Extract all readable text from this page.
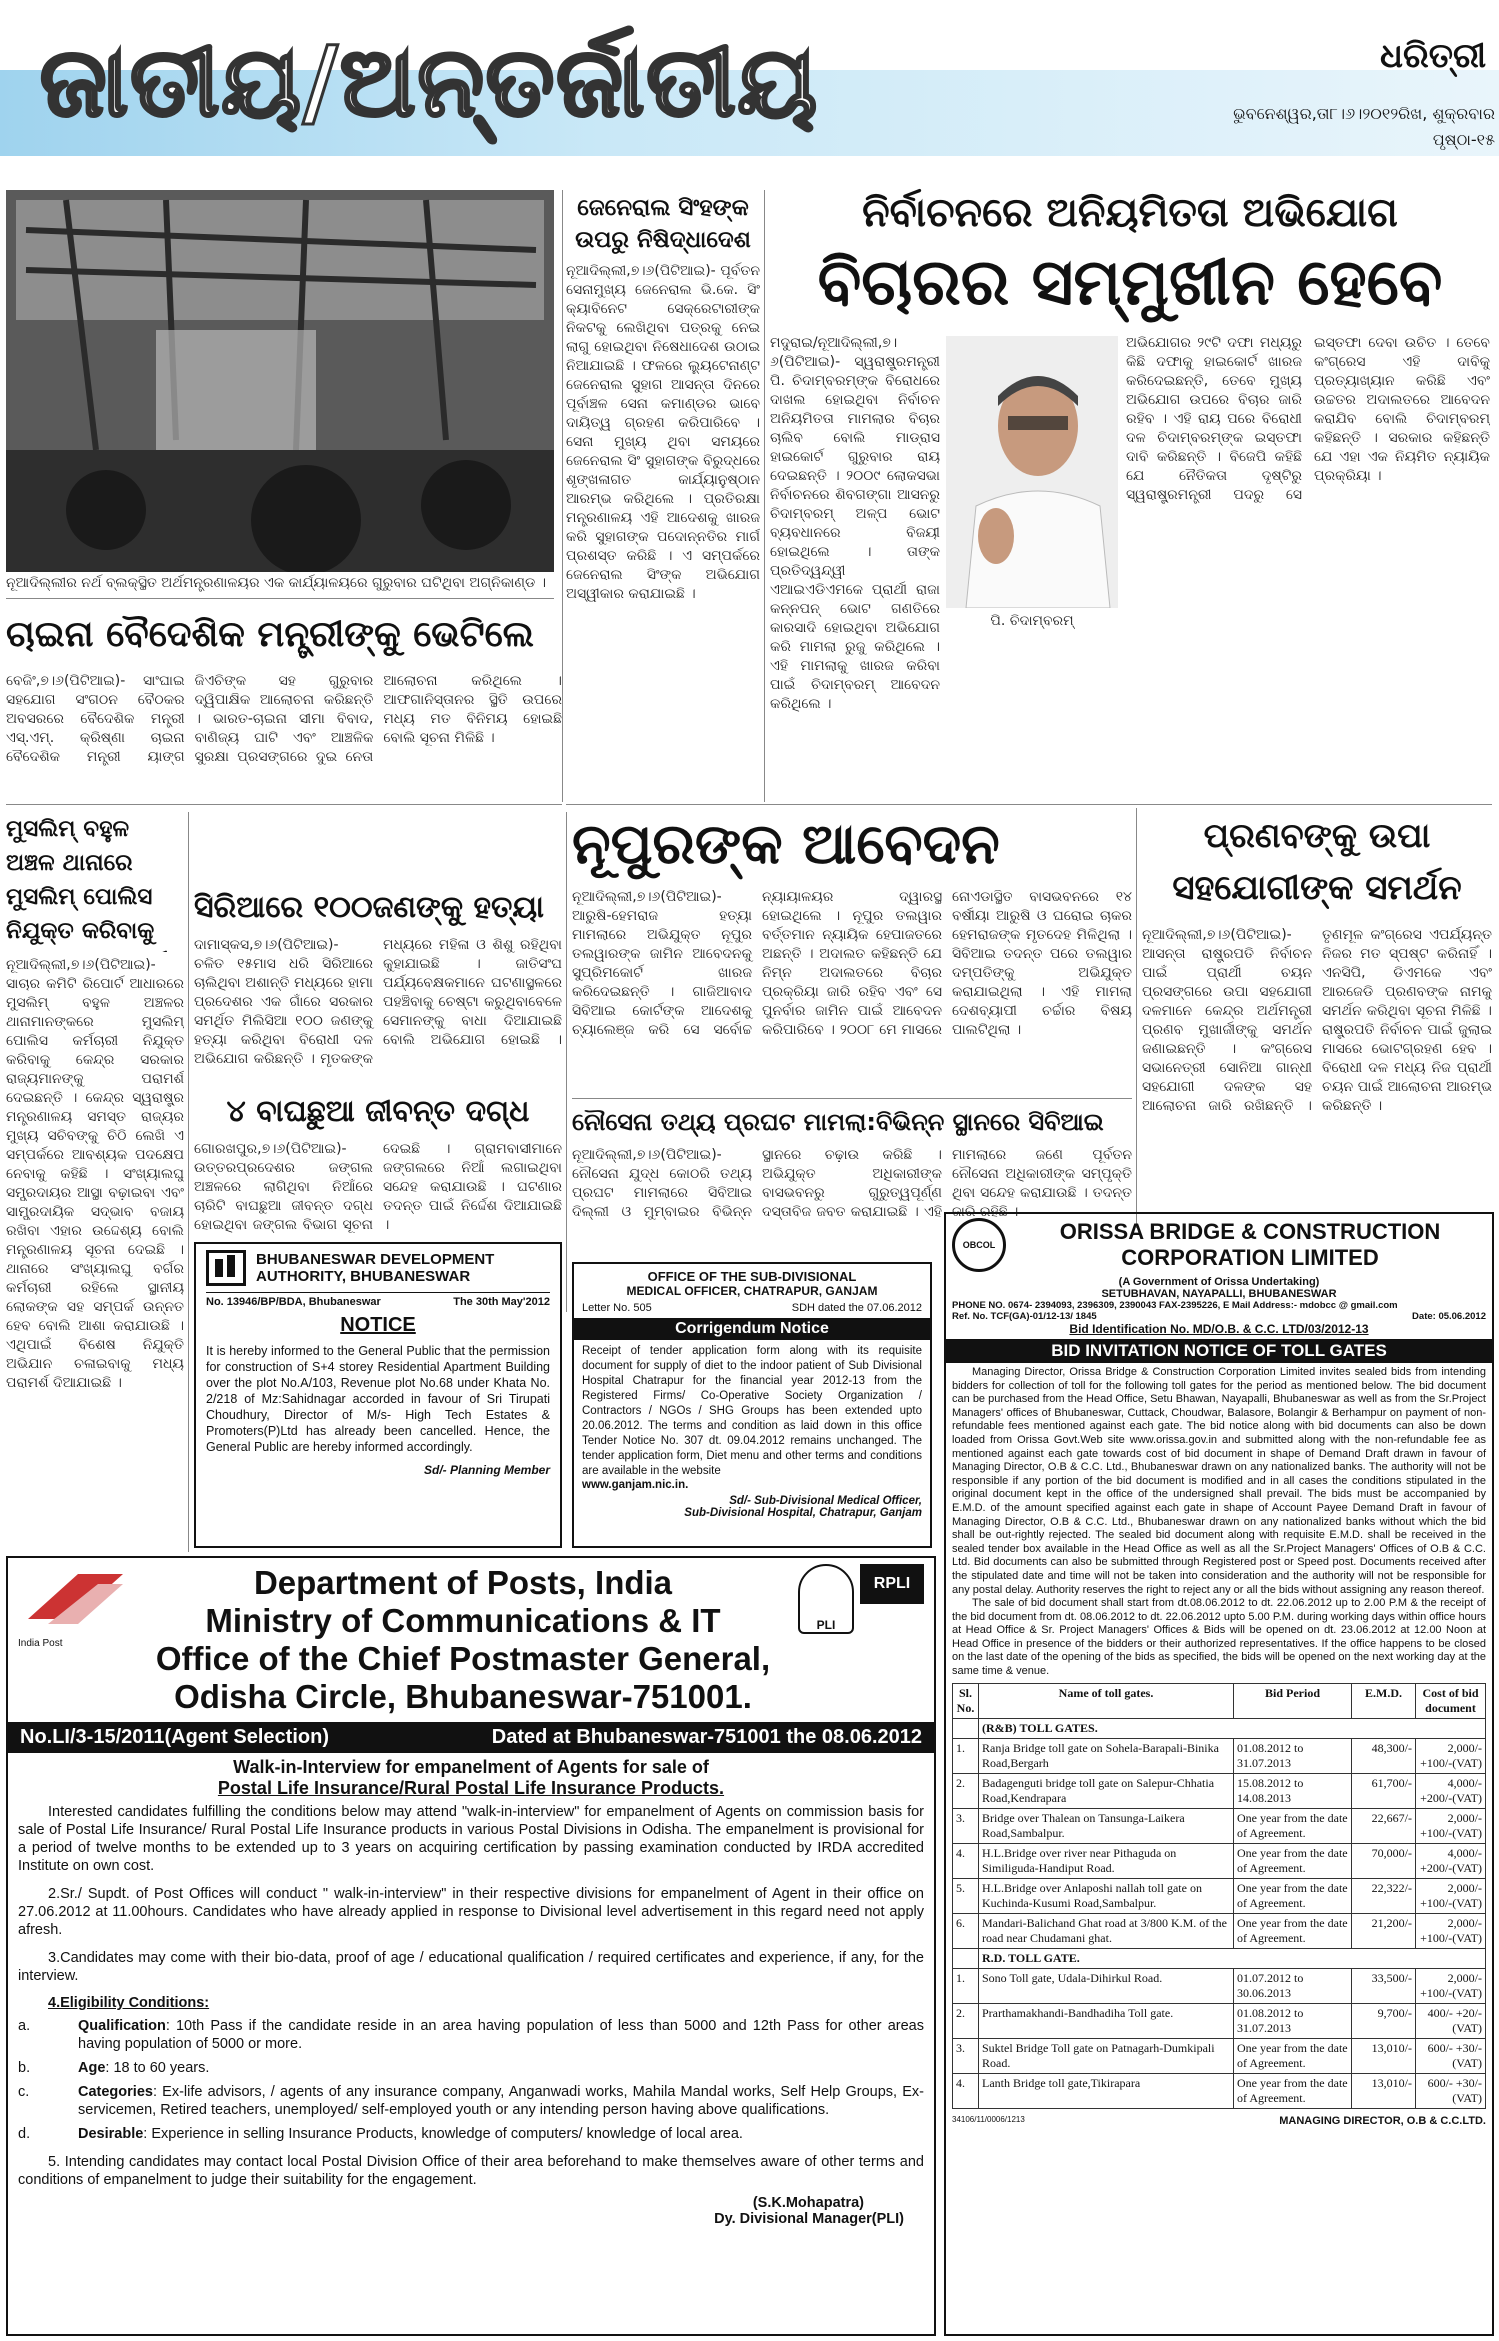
ଜାତୀୟ/ଅନ୍ତର୍ଜାତୀୟ	ଧରିତ୍ରୀ
ଭୁବନେଶ୍ୱର,ତା୮।୬।୨୦୧୨ରିଖ, ଶୁକ୍ରବାର
ପୃଷ୍ଠା-୧୫
ନୂଆଦିଲ୍ଲୀର ନର୍ଥ ବ୍ଲକ୍‌ସ୍ଥିତ ଅର୍ଥମନ୍ତ୍ରଣାଳୟର ଏକ କାର୍ଯ୍ୟାଳୟରେ ଗୁରୁବାର ଘଟିଥିବା ଅଗ୍ନିକାଣ୍ଡ ।
ଜେନେରାଲ ସିଂହଙ୍କ ଉପରୁ ନିଷିଦ୍ଧାଦେଶ
ନୂଆଦିଲ୍ଲୀ,୭।୬(ପିଟିଆଇ)- ପୂର୍ବତନ ସେନାମୁଖ୍ୟ ଜେନେରାଲ ଭି.କେ. ସିଂ କ୍ୟାବିନେଟ ସେକ୍ରେଟାରୀଙ୍କ ନିକଟକୁ ଲେଖିଥିବା ପତ୍ରକୁ ନେଇ ଲାଗୁ ହୋଇଥିବା ନିଷେଧାଦେଶ ଉଠାଇ ନିଆଯାଇଛି । ଫଳରେ ଲ୍ୟୁଟେନାଣ୍ଟ ଜେନେରାଲ ସୁହାଗ ଆସନ୍ତା ଦିନରେ ପୂର୍ବାଞ୍ଚଳ ସେନା କମାଣ୍ଡର ଭାବେ ଦାୟିତ୍ୱ ଗ୍ରହଣ କରିପାରିବେ । ସେନା ମୁଖ୍ୟ ଥିବା ସମୟରେ ଜେନେରାଲ ସିଂ ସୁହାଗଙ୍କ ବିରୁଦ୍ଧରେ ଶୃଙ୍ଖଳାଗତ କାର୍ଯ୍ୟାନୁଷ୍ଠାନ ଆରମ୍ଭ କରିଥିଲେ । ପ୍ରତିରକ୍ଷା ମନ୍ତ୍ରଣାଳୟ ଏହି ଆଦେଶକୁ ଖାରଜ କରି ସୁହାଗଙ୍କ ପଦୋନ୍ନତିର ମାର୍ଗ ପ୍ରଶସ୍ତ କରିଛି । ଏ ସମ୍ପର୍କରେ ଜେନେରାଲ ସିଂଙ୍କ ଅଭିଯୋଗ ଅସ୍ୱୀକାର କରାଯାଇଛି ।
ନିର୍ବାଚନରେ ଅନିୟମିତତା ଅଭିଯୋଗ
ବିଚାରର ସମ୍ମୁଖୀନ ହେବେ
ମଦୁରାଇ/ନୂଆଦିଲ୍ଲୀ,୭।୬(ପିଟିଆଇ)- ସ୍ୱରାଷ୍ଟ୍ରମନ୍ତ୍ରୀ ପି. ଚିଦାମ୍ବରମ୍‌ଙ୍କ ବିରୋଧରେ ଦାଖଲ ହୋଇଥିବା ନିର୍ବାଚନ ଅନିୟମିତତା ମାମଲାର ବିଚାର ଚାଲିବ ବୋଲି ମାଡ୍ରାସ ହାଇକୋର୍ଟ ଗୁରୁବାର ରାୟ ଦେଇଛନ୍ତି । ୨୦୦୯ ଲୋକସଭା ନିର୍ବାଚନରେ ଶିବଗଙ୍ଗା ଆସନରୁ ଚିଦାମ୍ବରମ୍ ଅଳ୍ପ ଭୋଟ ବ୍ୟବଧାନରେ ବିଜୟୀ ହୋଇଥିଲେ । ତାଙ୍କ ପ୍ରତିଦ୍ୱନ୍ଦ୍ୱୀ ଏଆଇଏଡିଏମକେ ପ୍ରାର୍ଥୀ ରାଜା କନ୍ନପନ୍ ଭୋଟ ଗଣତିରେ କାରସାଦି ହୋଇଥିବା ଅଭିଯୋଗ କରି ମାମଲା ରୁଜୁ କରିଥିଲେ । ଏହି ମାମଲାକୁ ଖାରଜ କରିବା ପାଇଁ ଚିଦାମ୍ବରମ୍ ଆବେଦନ କରିଥିଲେ ।
ପି. ଚିଦାମ୍ବରମ୍
ଅଭିଯୋଗର ୨୯ଟି ଦଫା ମଧ୍ୟରୁ କିଛି ଦଫାକୁ ହାଇକୋର୍ଟ ଖାରଜ କରିଦେଇଛନ୍ତି, ତେବେ ମୁଖ୍ୟ ଅଭିଯୋଗ ଉପରେ ବିଚାର ଜାରି ରହିବ । ଏହି ରାୟ ପରେ ବିରୋଧୀ ଦଳ ଚିଦାମ୍ବରମ୍‌ଙ୍କ ଇସ୍ତଫା ଦାବି କରିଛନ୍ତି । ବିଜେପି କହିଛି ଯେ ନୈତିକତା ଦୃଷ୍ଟିରୁ ସ୍ୱରାଷ୍ଟ୍ରମନ୍ତ୍ରୀ ପଦରୁ ସେ ଇସ୍ତଫା ଦେବା ଉଚିତ । ତେବେ କଂଗ୍ରେସ ଏହି ଦାବିକୁ ପ୍ରତ୍ୟାଖ୍ୟାନ କରିଛି ଏବଂ ଉଚ୍ଚତର ଅଦାଲତରେ ଆବେଦନ କରାଯିବ ବୋଲି ଚିଦାମ୍ବରମ୍ କହିଛନ୍ତି । ସରକାର କହିଛନ୍ତି ଯେ ଏହା ଏକ ନିୟମିତ ନ୍ୟାୟିକ ପ୍ରକ୍ରିୟା ।
ଚାଇନା ବୈଦେଶିକ ମନ୍ତ୍ରୀଙ୍କୁ ଭେଟିଲେ
ବେଜିଂ,୭।୬(ପିଟିଆଇ)- ସାଂଘାଇ ସହଯୋଗ ସଂଗଠନ ବୈଠକର ଅବସରରେ ବୈଦେଶିକ ମନ୍ତ୍ରୀ ଏସ୍.ଏମ୍. କ୍ରିଷ୍ଣା ଚାଇନା ବୈଦେଶିକ ମନ୍ତ୍ରୀ ୟାଙ୍ଗ ଜିଏଚିଙ୍କ ସହ ଗୁରୁବାର ଦ୍ୱିପାକ୍ଷିକ ଆଲୋଚନା କରିଛନ୍ତି । ଭାରତ-ଚାଇନା ସୀମା ବିବାଦ, ବାଣିଜ୍ୟ ଘାଟି ଏବଂ ଆଞ୍ଚଳିକ ସୁରକ୍ଷା ପ୍ରସଙ୍ଗରେ ଦୁଇ ନେତା ଆଲୋଚନା କରିଥିଲେ । ଆଫଗାନିସ୍ତାନର ସ୍ଥିତି ଉପରେ ମଧ୍ୟ ମତ ବିନିମୟ ହୋଇଛି ବୋଲି ସୂଚନା ମିଳିଛି ।
ମୁସଲିମ୍ ବହୁଳ ଅଞ୍ଚଳ ଥାନାରେ ମୁସଲିମ୍ ପୋଲିସ ନିଯୁକ୍ତ କରିବାକୁ
ନୂଆଦିଲ୍ଲୀ,୭।୬(ପିଟିଆଇ)- ସାଚାର କମିଟି ରିପୋର୍ଟ ଆଧାରରେ ମୁସଲିମ୍ ବହୁଳ ଅଞ୍ଚଳର ଥାନାମାନଙ୍କରେ ମୁସଲିମ୍ ପୋଲିସ କର୍ମଚାରୀ ନିଯୁକ୍ତ କରିବାକୁ କେନ୍ଦ୍ର ସରକାର ରାଜ୍ୟମାନଙ୍କୁ ପରାମର୍ଶ ଦେଇଛନ୍ତି । କେନ୍ଦ୍ର ସ୍ୱରାଷ୍ଟ୍ର ମନ୍ତ୍ରଣାଳୟ ସମସ୍ତ ରାଜ୍ୟର ମୁଖ୍ୟ ସଚିବଙ୍କୁ ଚିଠି ଲେଖି ଏ ସମ୍ପର୍କରେ ଆବଶ୍ୟକ ପଦକ୍ଷେପ ନେବାକୁ କହିଛି । ସଂଖ୍ୟାଲଘୁ ସମ୍ପ୍ରଦାୟର ଆସ୍ଥା ବଢ଼ାଇବା ଏବଂ ସାମ୍ପ୍ରଦାୟିକ ସଦ୍‌ଭାବ ବଜାୟ ରଖିବା ଏହାର ଉଦ୍ଦେଶ୍ୟ ବୋଲି ମନ୍ତ୍ରଣାଳୟ ସୂଚନା ଦେଇଛି । ଥାନାରେ ସଂଖ୍ୟାଲଘୁ ବର୍ଗର କର୍ମଚାରୀ ରହିଲେ ସ୍ଥାନୀୟ ଲୋକଙ୍କ ସହ ସମ୍ପର୍କ ଉନ୍ନତ ହେବ ବୋଲି ଆଶା କରାଯାଉଛି । ଏଥିପାଇଁ ବିଶେଷ ନିଯୁକ୍ତି ଅଭିଯାନ ଚଳାଇବାକୁ ମଧ୍ୟ ପରାମର୍ଶ ଦିଆଯାଇଛି ।
ସିରିଆରେ ୧୦୦ଜଣଙ୍କୁ ହତ୍ୟା
ଦାମାସ୍କସ,୭।୬(ପିଟିଆଇ)- ଚଳିତ ୧୫ମାସ ଧରି ସିରିଆରେ ଚାଲିଥିବା ଅଶାନ୍ତି ମଧ୍ୟରେ ହାମା ପ୍ରଦେଶର ଏକ ଗାଁରେ ସରକାର ସମର୍ଥିତ ମିଲିସିଆ ୧୦୦ ଜଣଙ୍କୁ ହତ୍ୟା କରିଥିବା ବିରୋଧୀ ଦଳ ଅଭିଯୋଗ କରିଛନ୍ତି । ମୃତକଙ୍କ ମଧ୍ୟରେ ମହିଳା ଓ ଶିଶୁ ରହିଥିବା କୁହାଯାଇଛି । ଜାତିସଂଘ ପର୍ଯ୍ୟବେକ୍ଷକମାନେ ଘଟଣାସ୍ଥଳରେ ପହଞ୍ଚିବାକୁ ଚେଷ୍ଟା କରୁଥିବାବେଳେ ସେମାନଙ୍କୁ ବାଧା ଦିଆଯାଇଛି ବୋଲି ଅଭିଯୋଗ ହୋଇଛି ।
୪ ବାଘଛୁଆ ଜୀବନ୍ତ ଦଗ୍ଧ
ଗୋରଖପୁର,୭।୬(ପିଟିଆଇ)- ଉତ୍ତରପ୍ରଦେଶର ଜଙ୍ଗଲ ଅଞ୍ଚଳରେ ଲାଗିଥିବା ନିଆଁରେ ଚାରିଟି ବାଘଛୁଆ ଜୀବନ୍ତ ଦଗ୍ଧ ହୋଇଥିବା ଜଙ୍ଗଲ ବିଭାଗ ସୂଚନା ଦେଇଛି । ଗ୍ରାମବାସୀମାନେ ଜଙ୍ଗଲରେ ନିଆଁ ଲଗାଇଥିବା ସନ୍ଦେହ କରାଯାଉଛି । ଘଟଣାର ତଦନ୍ତ ପାଇଁ ନିର୍ଦ୍ଦେଶ ଦିଆଯାଇଛି ।
BHUBANESWAR DEVELOPMENT
AUTHORITY, BHUBANESWAR
No. 13946/BP/BDA, Bhubaneswar	The 30th May'2012
NOTICE
It is hereby informed to the General Public that the permission for construction of S+4 storey Residential Apartment Building over the plot No.A/103, Revenue plot No.68 under Khata No. 2/218 of Mz:Sahidnagar accorded in favour of Sri Tirupati Choudhury, Director of M/s- High Tech Estates & Promoters(P)Ltd has already been cancelled. Hence, the General Public are hereby informed accordingly.
Sd/- Planning Member
ନୂପୁରଙ୍କ ଆବେଦନ
ନୂଆଦିଲ୍ଲୀ,୭।୬(ପିଟିଆଇ)- ଆରୁଷି-ହେମରାଜ ହତ୍ୟା ମାମଲାରେ ଅଭିଯୁକ୍ତ ନୂପୁର ତଲୱାରଙ୍କ ଜାମିନ ଆବେଦନକୁ ସୁପ୍ରିମକୋର୍ଟ ଖାରଜ କରିଦେଇଛନ୍ତି । ଗାଜିଆବାଦ ସିବିଆଇ କୋର୍ଟଙ୍କ ଆଦେଶକୁ ଚ୍ୟାଲେଞ୍ଜ କରି ସେ ସର୍ବୋଚ୍ଚ ନ୍ୟାୟାଳୟର ଦ୍ୱାରସ୍ଥ ହୋଇଥିଲେ । ନୂପୁର ତଲୱାର ବର୍ତ୍ତମାନ ନ୍ୟାୟିକ ହେପାଜତରେ ଅଛନ୍ତି । ଅଦାଲତ କହିଛନ୍ତି ଯେ ନିମ୍ନ ଅଦାଲତରେ ବିଚାର ପ୍ରକ୍ରିୟା ଜାରି ରହିବ ଏବଂ ସେ ପୁନର୍ବାର ଜାମିନ ପାଇଁ ଆବେଦନ କରିପାରିବେ । ୨୦୦୮ ମେ ମାସରେ ନୋଏଡାସ୍ଥିତ ବାସଭବନରେ ୧୪ ବର୍ଷୀୟା ଆରୁଷି ଓ ଘରୋଇ ଚାକର ହେମରାଜଙ୍କ ମୃତଦେହ ମିଳିଥିଲା । ସିବିଆଇ ତଦନ୍ତ ପରେ ତଲୱାର ଦମ୍ପତିଙ୍କୁ ଅଭିଯୁକ୍ତ କରାଯାଇଥିଲା । ଏହି ମାମଲା ଦେଶବ୍ୟାପୀ ଚର୍ଚ୍ଚାର ବିଷୟ ପାଲଟିଥିଲା ।
ନୌସେନା ତଥ୍ୟ ପ୍ରଘଟ ମାମଲା:ବିଭିନ୍ନ ସ୍ଥାନରେ ସିବିଆଇ
ନୂଆଦିଲ୍ଲୀ,୭।୬(ପିଟିଆଇ)- ନୌସେନା ଯୁଦ୍ଧ କୋଠରି ତଥ୍ୟ ପ୍ରଘଟ ମାମଲାରେ ସିବିଆଇ ଦିଲ୍ଲୀ ଓ ମୁମ୍ବାଇର ବିଭିନ୍ନ ସ୍ଥାନରେ ଚଢ଼ାଉ କରିଛି । ଅଭିଯୁକ୍ତ ଅଧିକାରୀଙ୍କ ବାସଭବନରୁ ଗୁରୁତ୍ୱପୂର୍ଣ୍ଣ ଦସ୍ତାବିଜ ଜବତ କରାଯାଇଛି । ଏହି ମାମଲାରେ ଜଣେ ପୂର୍ବତନ ନୌସେନା ଅଧିକାରୀଙ୍କ ସମ୍ପୃକ୍ତି ଥିବା ସନ୍ଦେହ କରାଯାଉଛି । ତଦନ୍ତ ଜାରି ରହିଛି ।
OFFICE OF THE SUB-DIVISIONAL
MEDICAL OFFICER, CHATRAPUR, GANJAM
Letter No. 505	SDH dated the 07.06.2012
Corrigendum Notice
Receipt of tender application form along with its requisite document for supply of diet to the indoor patient of Sub Divisional Hospital Chatrapur for the financial year 2012-13 from the Registered Firms/ Co-Operative Society Organization / Contractors / NGOs / SHG Groups has been extended upto 20.06.2012. The terms and condition as laid down in this office Tender Notice No. 307 dt. 09.04.2012 remains unchanged. The tender application form, Diet menu and other terms and conditions are available in the website
www.ganjam.nic.in.
Sd/- Sub-Divisional Medical Officer,
Sub-Divisional Hospital, Chatrapur, Ganjam
ପ୍ରଣବଙ୍କୁ ଉପା ସହଯୋଗୀଙ୍କ ସମର୍ଥନ
ନୂଆଦିଲ୍ଲୀ,୭।୬(ପିଟିଆଇ)- ଆସନ୍ତା ରାଷ୍ଟ୍ରପତି ନିର୍ବାଚନ ପାଇଁ ପ୍ରାର୍ଥୀ ଚୟନ ପ୍ରସଙ୍ଗରେ ଉପା ସହଯୋଗୀ ଦଳମାନେ କେନ୍ଦ୍ର ଅର୍ଥମନ୍ତ୍ରୀ ପ୍ରଣବ ମୁଖାର୍ଜୀଙ୍କୁ ସମର୍ଥନ ଜଣାଇଛନ୍ତି । କଂଗ୍ରେସ ସଭାନେତ୍ରୀ ସୋନିଆ ଗାନ୍ଧୀ ସହଯୋଗୀ ଦଳଙ୍କ ସହ ଆଲୋଚନା ଜାରି ରଖିଛନ୍ତି । ତୃଣମୂଳ କଂଗ୍ରେସ ଏପର୍ଯ୍ୟନ୍ତ ନିଜର ମତ ସ୍ପଷ୍ଟ କରିନାହିଁ । ଏନସିପି, ଡିଏମକେ ଏବଂ ଆରଜେଡି ପ୍ରଣବଙ୍କ ନାମକୁ ସମର୍ଥନ କରିଥିବା ସୂଚନା ମିଳିଛି । ରାଷ୍ଟ୍ରପତି ନିର୍ବାଚନ ପାଇଁ ଜୁଲାଇ ମାସରେ ଭୋଟଗ୍ରହଣ ହେବ । ବିରୋଧୀ ଦଳ ମଧ୍ୟ ନିଜ ପ୍ରାର୍ଥୀ ଚୟନ ପାଇଁ ଆଲୋଚନା ଆରମ୍ଭ କରିଛନ୍ତି ।
OBCOL
ORISSA BRIDGE & CONSTRUCTION
CORPORATION LIMITED
(A Government of Orissa Undertaking)
SETUBHAVAN, NAYAPALLI, BHUBANESWAR
PHONE NO. 0674- 2394093, 2396309, 2390043 FAX-2395226, E Mail Address:- mdobcc @ gmail.com
Ref. No. TCF(GA)-01/12-13/ 1845	Date: 05.06.2012
Bid Identification No. MD/O.B. & C.C. LTD/03/2012-13
BID INVITATION NOTICE OF TOLL GATES
Managing Director, Orissa Bridge & Construction Corporation Limited invites sealed bids from intending bidders for collection of toll for the following toll gates for the period as mentioned below. The bid document can be purchased from the Head Office, Setu Bhawan, Nayapalli, Bhubaneswar as well as from the Sr.Project Managers' offices of Bhubaneswar, Cuttack, Choudwar, Balasore, Bolangir & Berhampur on payment of non-refundable fees mentioned against each gate. The bid notice along with bid documents can also be down loaded from Orissa Govt.Web site www.orissa.gov.in and submitted along with the non-refundable fee as mentioned against each gate towards cost of bid document in shape of Demand Draft drawn in favour of Managing Director, O.B & C.C. Ltd., Bhubaneswar drawn on any nationalized banks. The authority will not be responsible if any portion of the bid document is modified and in all cases the conditions stipulated in the original document kept in the office of the undersigned shall prevail. The bids must be accompanied by E.M.D. of the amount specified against each gate in shape of Account Payee Demand Draft in favour of Managing Director, O.B & C.C. Ltd., Bhubaneswar drawn on any nationalized banks without which the bid shall be out-rightly rejected. The sealed bid document along with requisite E.M.D. shall be received in the sealed tender box available in the Head Office as well as all the Sr.Project Managers' Offices of O.B & C.C. Ltd. Bid documents can also be submitted through Registered post or Speed post. Documents received after the stipulated date and time will not be taken into consideration and the authority will not be responsible for any postal delay. Authority reserves the right to reject any or all the bids without assigning any reason thereof.
The sale of bid document shall start from dt.08.06.2012 to dt. 22.06.2012 up to 2.00 P.M & the receipt of the bid document from dt. 08.06.2012 to dt. 22.06.2012 upto 5.00 P.M. during working days within office hours at Head Office & Sr. Project Managers' Offices & Bids will be opened on dt. 23.06.2012 at 12.00 Noon at Head Office in presence of the bidders or their authorized representatives. If the office happens to be closed on the last date of the opening of the bids as specified, the bids will be opened on the next working day at the same time & venue.
Sl. No.	Name of toll gates.	Bid Period	E.M.D.	Cost of bid document
	(R&B) TOLL GATES.			
1.	Ranja Bridge toll gate on Sohela-Barapali-Binika Road,Bergarh	01.08.2012 to 31.07.2013	48,300/-	2,000/- +100/-(VAT)
2.	Badagenguti bridge toll gate on Salepur-Chhatia Road,Kendrapara	15.08.2012 to 14.08.2013	61,700/-	4,000/- +200/-(VAT)
3.	Bridge over Thalean on Tansunga-Laikera Road,Sambalpur.	One year from the date of Agreement.	22,667/-	2,000/- +100/-(VAT)
4.	H.L.Bridge over river near Pithaguda on Similiguda-Handiput Road.	One year from the date of Agreement.	70,000/-	4,000/- +200/-(VAT)
5.	H.L.Bridge over Anlaposhi nallah toll gate on Kuchinda-Kusumi Road,Sambalpur.	One year from the date of Agreement.	22,322/-	2,000/- +100/-(VAT)
6.	Mandari-Balichand Ghat road at 3/800 K.M. of the road near Chudamani ghat.	One year from the date of Agreement.	21,200/-	2,000/- +100/-(VAT)
	R.D. TOLL GATE.			
1.	Sono Toll gate, Udala-Dihirkul Road.	01.07.2012 to 30.06.2013	33,500/-	2,000/- +100/-(VAT)
2.	Prarthamakhandi-Bandhadiha Toll gate.	01.08.2012 to 31.07.2013	9,700/-	400/- +20/-(VAT)
3.	Suktel Bridge Toll gate on Patnagarh-Dumkipali Road.	One year from the date of Agreement.	13,010/-	600/- +30/-(VAT)
4.	Lanth Bridge toll gate,Tikirapara	One year from the date of Agreement.	13,010/-	600/- +30/-(VAT)
34106/11/0006/1213	MANAGING DIRECTOR, O.B & C.C.LTD.
India Post
Department of Posts, India
Ministry of Communications & IT
Office of the Chief Postmaster General,
Odisha Circle, Bhubaneswar-751001.
PLI
RPLI
No.LI/3-15/2011(Agent Selection)	Dated at Bhubaneswar-751001 the 08.06.2012
Walk-in-Interview for empanelment of Agents for sale of
Postal Life Insurance/Rural Postal Life Insurance Products.
Interested candidates fulfilling the conditions below may attend "walk-in-interview" for empanelment of Agents on commission basis for sale of Postal Life Insurance/ Rural Postal Life Insurance products in various Postal Divisions in Odisha. The empanelment is provisional for a period of twelve months to be extended up to 3 years on acquiring certification by passing examination conducted by IRDA accredited Institute on own cost.
2.Sr./ Supdt. of Post Offices will conduct " walk-in-interview" in their respective divisions for empanelment of Agent in their office on 27.06.2012 at 11.00hours. Candidates who have already applied in response to Divisional level advertisement in this regard need not apply afresh.
3.Candidates may come with their bio-data, proof of age / educational qualification / required certificates and experience, if any, for the interview.
4.Eligibility Conditions:
a.	Qualification: 10th Pass if the candidate reside in an area having population of less than 5000 and 12th Pass for other areas having population of 5000 or more.
b.	Age: 18 to 60 years.
c.	Categories: Ex-life advisors, / agents of any insurance company, Anganwadi works, Mahila Mandal works, Self Help Groups, Ex-servicemen, Retired teachers, unemployed/ self-employed youth or any intending person having above qualifications.
d.	Desirable: Experience in selling Insurance Products, knowledge of computers/ knowledge of local area.
5. Intending candidates may contact local Postal Division Office of their area beforehand to make themselves aware of other terms and conditions of empanelment to judge their suitability for the engagement.
(S.K.Mohapatra)
Dy. Divisional Manager(PLI)
